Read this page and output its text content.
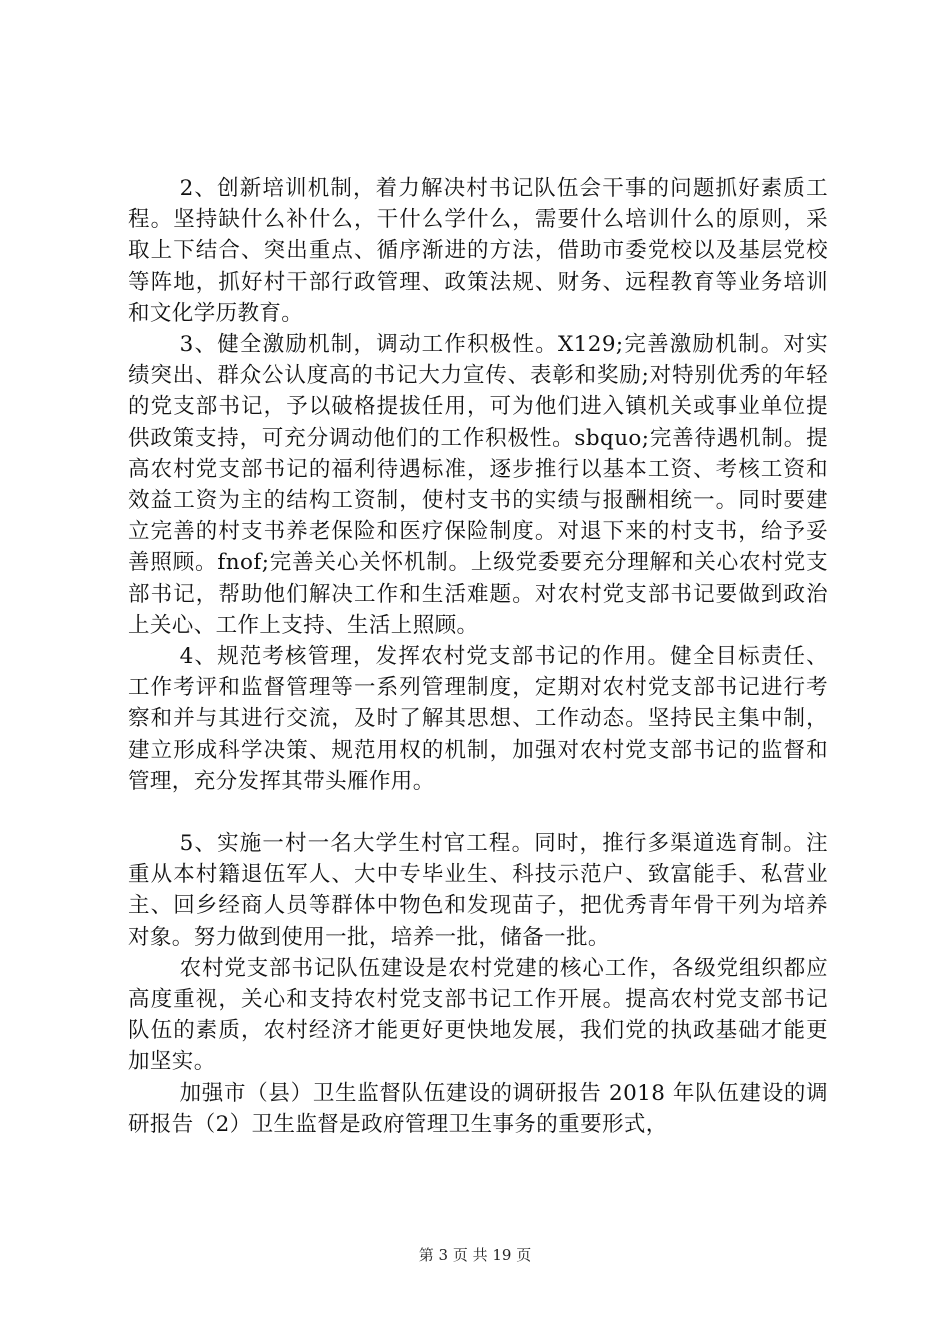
2、创新培训机制，着力解决村书记队伍会干事的问题抓好素质工程。坚持缺什么补什么，干什么学什么，需要什么培训什么的原则，采取上下结合、突出重点、循序渐进的方法，借助市委党校以及基层党校等阵地，抓好村干部行政管理、政策法规、财务、远程教育等业务培训和文化学历教育。

3、健全激励机制，调动工作积极性。X129;完善激励机制。对实绩突出、群众公认度高的书记大力宣传、表彰和奖励;对特别优秀的年轻的党支部书记，予以破格提拔任用，可为他们进入镇机关或事业单位提供政策支持，可充分调动他们的工作积极性。sbquo;完善待遇机制。提高农村党支部书记的福利待遇标准，逐步推行以基本工资、考核工资和效益工资为主的结构工资制，使村支书的实绩与报酬相统一。同时要建立完善的村支书养老保险和医疗保险制度。对退下来的村支书，给予妥善照顾。fnof;完善关心关怀机制。上级党委要充分理解和关心农村党支部书记，帮助他们解决工作和生活难题。对农村党支部书记要做到政治上关心、工作上支持、生活上照顾。

4、规范考核管理，发挥农村党支部书记的作用。健全目标责任、工作考评和监督管理等一系列管理制度，定期对农村党支部书记进行考察和并与其进行交流，及时了解其思想、工作动态。坚持民主集中制，建立形成科学决策、规范用权的机制，加强对农村党支部书记的监督和管理，充分发挥其带头雁作用。

5、实施一村一名大学生村官工程。同时，推行多渠道选育制。注重从本村籍退伍军人、大中专毕业生、科技示范户、致富能手、私营业主、回乡经商人员等群体中物色和发现苗子，把优秀青年骨干列为培养对象。努力做到使用一批，培养一批，储备一批。

农村党支部书记队伍建设是农村党建的核心工作，各级党组织都应高度重视，关心和支持农村党支部书记工作开展。提高农村党支部书记队伍的素质，农村经济才能更好更快地发展，我们党的执政基础才能更加坚实。

加强市（县）卫生监督队伍建设的调研报告 2018 年队伍建设的调研报告（2）卫生监督是政府管理卫生事务的重要形式，

第 3 页 共 19 页
